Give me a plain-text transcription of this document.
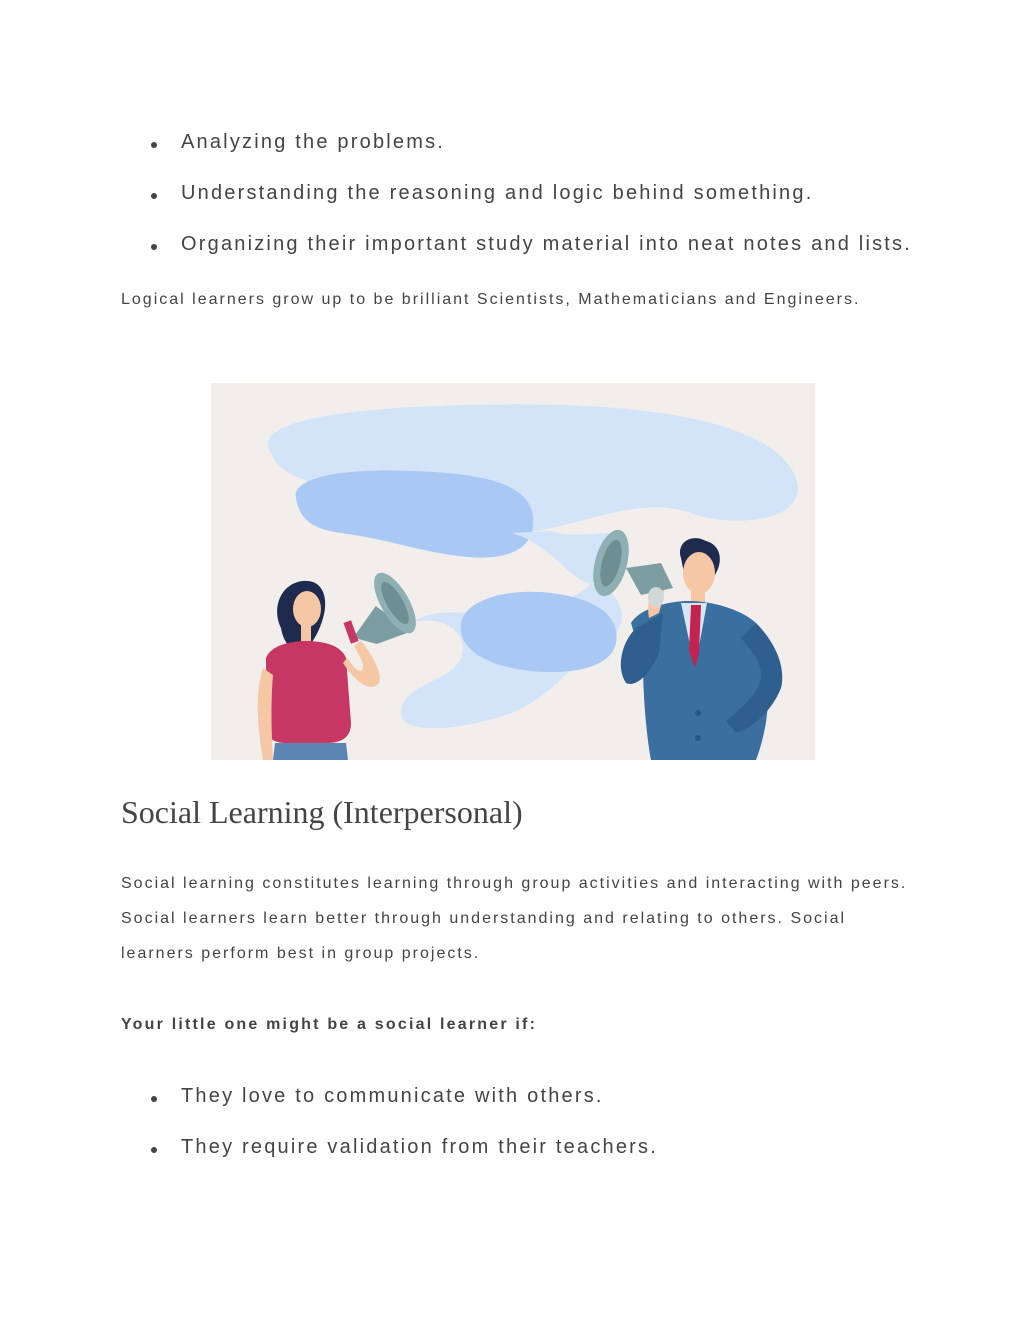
Analyzing the problems.
Understanding the reasoning and logic behind something.
Organizing their important study material into neat notes and lists.

Logical learners grow up to be brilliant Scientists, Mathematicians and Engineers.

Social Learning (Interpersonal)

Social learning constitutes learning through group activities and interacting with peers. Social learners learn better through understanding and relating to others. Social learners perform best in group projects.

Your little one might be a social learner if:

They love to communicate with others.
They require validation from their teachers.
